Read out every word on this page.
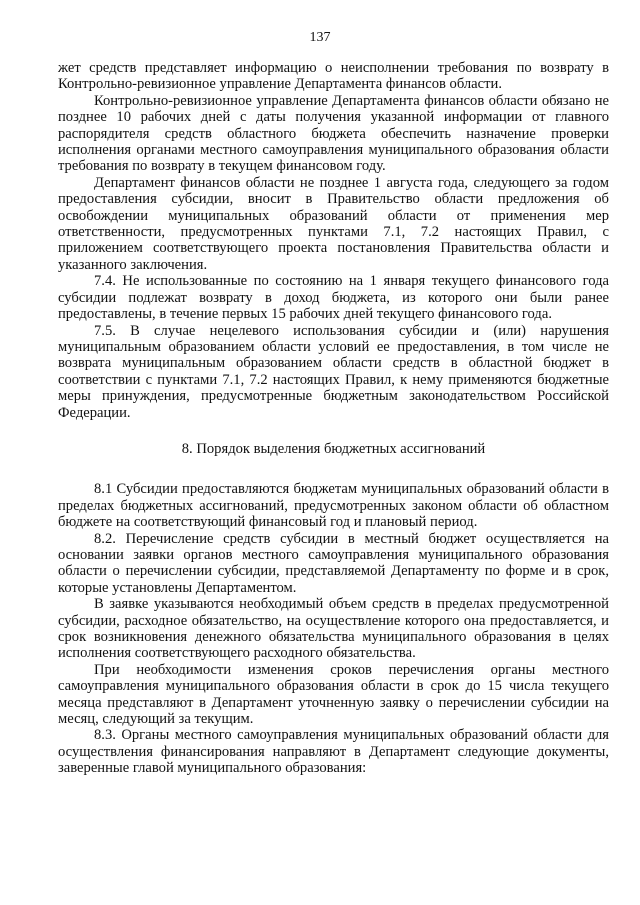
137

жет средств представляет информацию о неисполнении требования по возврату в Контрольно-ревизионное управление Департамента финансов области.

Контрольно-ревизионное управление Департамента финансов области обязано не позднее 10 рабочих дней с даты получения указанной информации от главного распорядителя средств областного бюджета обеспечить назначение проверки исполнения органами местного самоуправления муниципального образования области требования по возврату в текущем финансовом году.

Департамент финансов области не позднее 1 августа года, следующего за годом предоставления субсидии, вносит в Правительство области предложения об освобождении муниципальных образований области от применения мер ответственности, предусмотренных пунктами 7.1, 7.2 настоящих Правил, с приложением соответствующего проекта постановления Правительства области и указанного заключения.

7.4. Не использованные по состоянию на 1 января текущего финансового года субсидии подлежат возврату в доход бюджета, из которого они были ранее предоставлены, в течение первых 15 рабочих дней текущего финансового года.

7.5. В случае нецелевого использования субсидии и (или) нарушения муниципальным образованием области условий ее предоставления, в том числе не возврата муниципальным образованием области средств в областной бюджет в соответствии с пунктами 7.1, 7.2 настоящих Правил, к нему применяются бюджетные меры принуждения, предусмотренные бюджетным законодательством Российской Федерации.

8. Порядок выделения бюджетных ассигнований

8.1 Субсидии предоставляются бюджетам муниципальных образований области в пределах бюджетных ассигнований, предусмотренных законом области об областном бюджете на соответствующий финансовый год и плановый период.

8.2. Перечисление средств субсидии в местный бюджет осуществляется на основании заявки органов местного самоуправления муниципального образования области о перечислении субсидии, представляемой Департаменту по форме и в срок, которые установлены Департаментом.

В заявке указываются необходимый объем средств в пределах предусмотренной субсидии, расходное обязательство, на осуществление которого она предоставляется, и срок возникновения денежного обязательства муниципального образования в целях исполнения соответствующего расходного обязательства.

При необходимости изменения сроков перечисления органы местного самоуправления муниципального образования области в срок до 15 числа текущего месяца представляют в Департамент уточненную заявку о перечислении субсидии на месяц, следующий за текущим.

8.3. Органы местного самоуправления муниципальных образований области для осуществления финансирования направляют в Департамент следующие документы, заверенные главой муниципального образования:
